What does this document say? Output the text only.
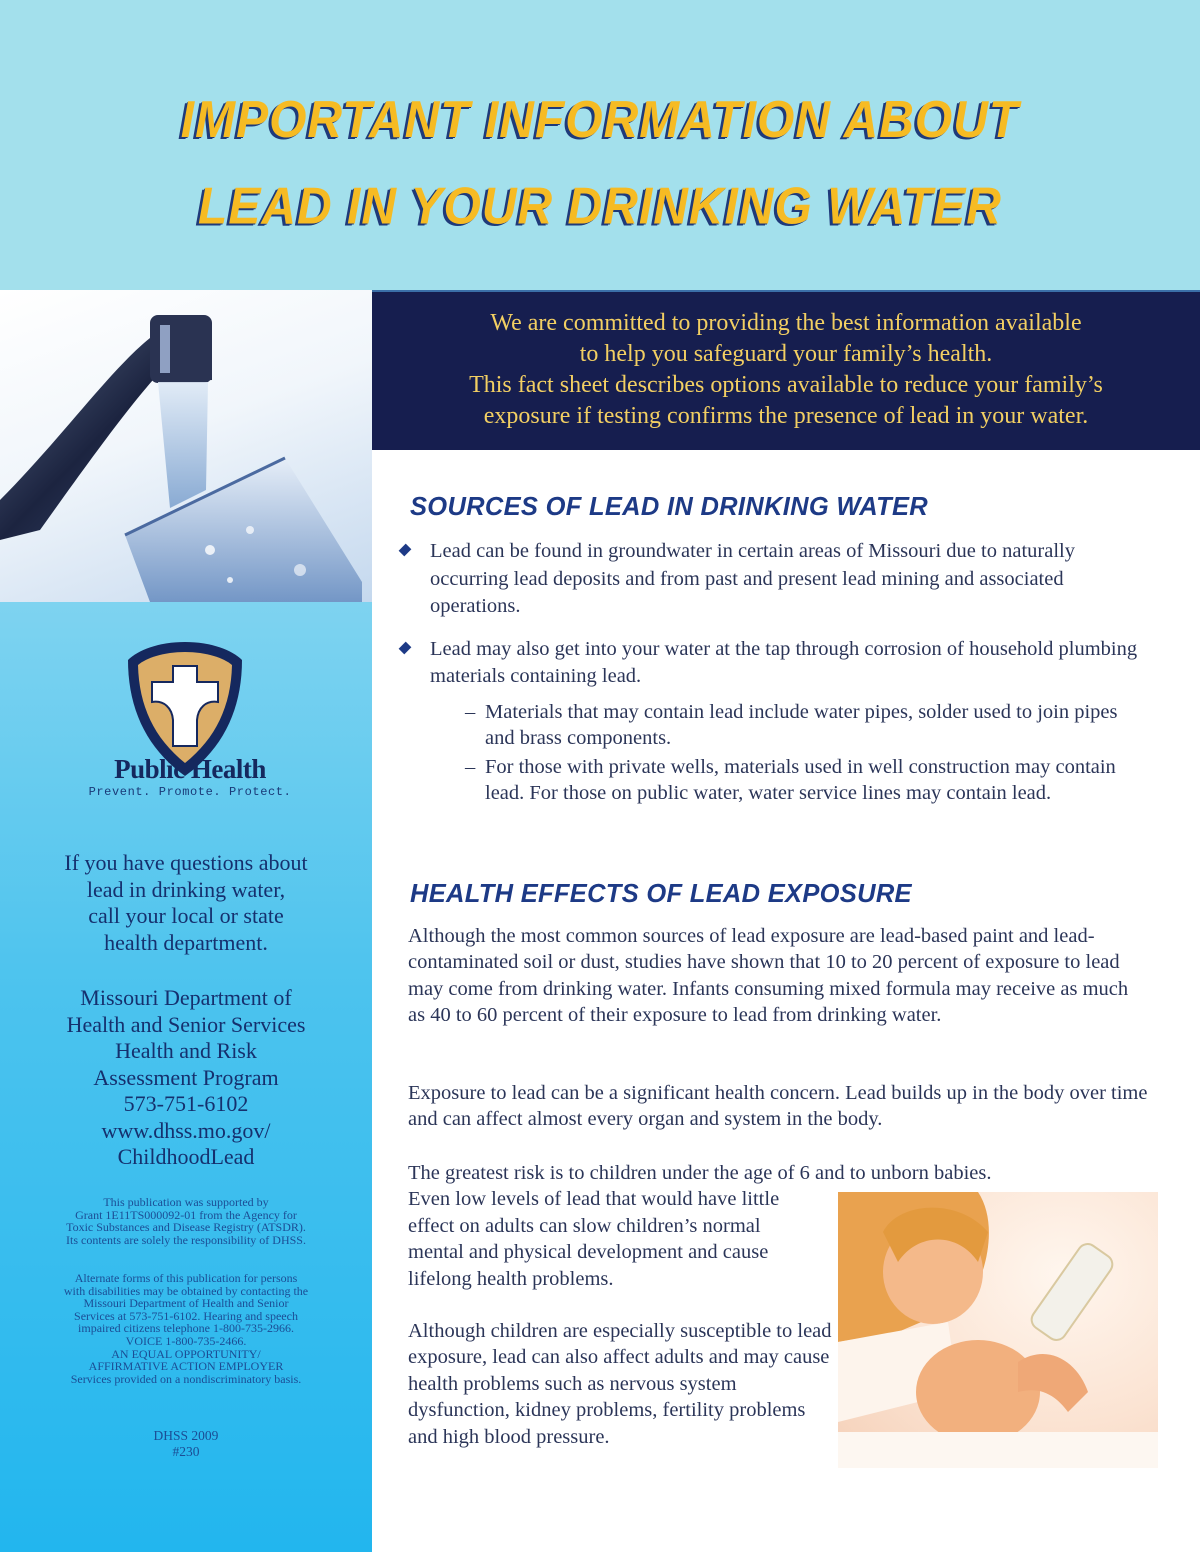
IMPORTANT INFORMATION ABOUT
LEAD IN YOUR DRINKING WATER
Public Health
Prevent. Promote. Protect.
If you have questions about
lead in drinking water,
call your local or state
health department.
Missouri Department of
Health and Senior Services
Health and Risk
Assessment Program
573-751-6102
www.dhss.mo.gov/
ChildhoodLead
This publication was supported by
Grant 1E11TS000092-01 from the Agency for
Toxic Substances and Disease Registry (ATSDR).
Its contents are solely the responsibility of DHSS.
Alternate forms of this publication for persons
with disabilities may be obtained by contacting the
Missouri Department of Health and Senior
Services at 573-751-6102. Hearing and speech
impaired citizens telephone 1-800-735-2966.
VOICE 1-800-735-2466.
AN EQUAL OPPORTUNITY/
AFFIRMATIVE ACTION EMPLOYER
Services provided on a nondiscriminatory basis.
DHSS 2009
#230
We are committed to providing the best information available
to help you safeguard your family’s health.
This fact sheet describes options available to reduce your family’s
exposure if testing confirms the presence of lead in your water.
SOURCES OF LEAD IN DRINKING WATER
Lead can be found in groundwater in certain areas of Missouri due to naturally occurring lead deposits and from past and present lead mining and associated operations.
Lead may also get into your water at the tap through corrosion of household plumbing materials containing lead.
– Materials that may contain lead include water pipes, solder used to join pipes and brass components.
– For those with private wells, materials used in well construction may contain lead. For those on public water, water service lines may contain lead.
HEALTH EFFECTS OF LEAD EXPOSURE
Although the most common sources of lead exposure are lead-based paint and lead-contaminated soil or dust, studies have shown that 10 to 20 percent of exposure to lead may come from drinking water. Infants consuming mixed formula may receive as much as 40 to 60 percent of their exposure to lead from drinking water.
Exposure to lead can be a significant health concern. Lead builds up in the body over time and can affect almost every organ and system in the body.
The greatest risk is to children under the age of 6 and to unborn babies.
Even low levels of lead that would have little effect on adults can slow children’s normal mental and physical development and cause lifelong health problems.
Although children are especially susceptible to lead exposure, lead can also affect adults and may cause health problems such as nervous system dysfunction, kidney problems, fertility problems and high blood pressure.
